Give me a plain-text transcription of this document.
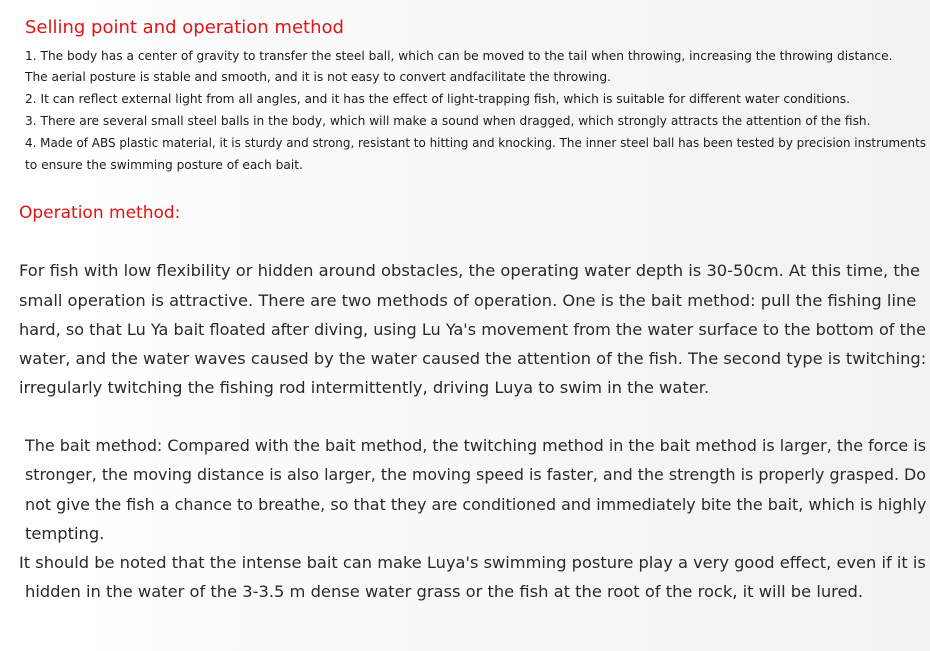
Selling point and operation method
1. The body has a center of gravity to transfer the steel ball, which can be moved to the tail when throwing, increasing the throwing distance.
The aerial posture is stable and smooth, and it is not easy to convert andfacilitate the throwing.
2. It can reflect external light from all angles, and it has the effect of light-trapping fish, which is suitable for different water conditions.
3. There are several small steel balls in the body, which will make a sound when dragged, which strongly attracts the attention of the fish.
4. Made of ABS plastic material, it is sturdy and strong, resistant to hitting and knocking. The inner steel ball has been tested by precision instruments
to ensure the swimming posture of each bait.
Operation method:
For fish with low flexibility or hidden around obstacles, the operating water depth is 30-50cm. At this time, the
small operation is attractive. There are two methods of operation. One is the bait method: pull the fishing line
hard, so that Lu Ya bait floated after diving, using Lu Ya's movement from the water surface to the bottom of the
water, and the water waves caused by the water caused the attention of the fish. The second type is twitching:
irregularly twitching the fishing rod intermittently, driving Luya to swim in the water.
The bait method: Compared with the bait method, the twitching method in the bait method is larger, the force is
stronger, the moving distance is also larger, the moving speed is faster, and the strength is properly grasped. Do
not give the fish a chance to breathe, so that they are conditioned and immediately bite the bait, which is highly
tempting.
It should be noted that the intense bait can make Luya's swimming posture play a very good effect, even if it is
hidden in the water of the 3-3.5 m dense water grass or the fish at the root of the rock, it will be lured.
